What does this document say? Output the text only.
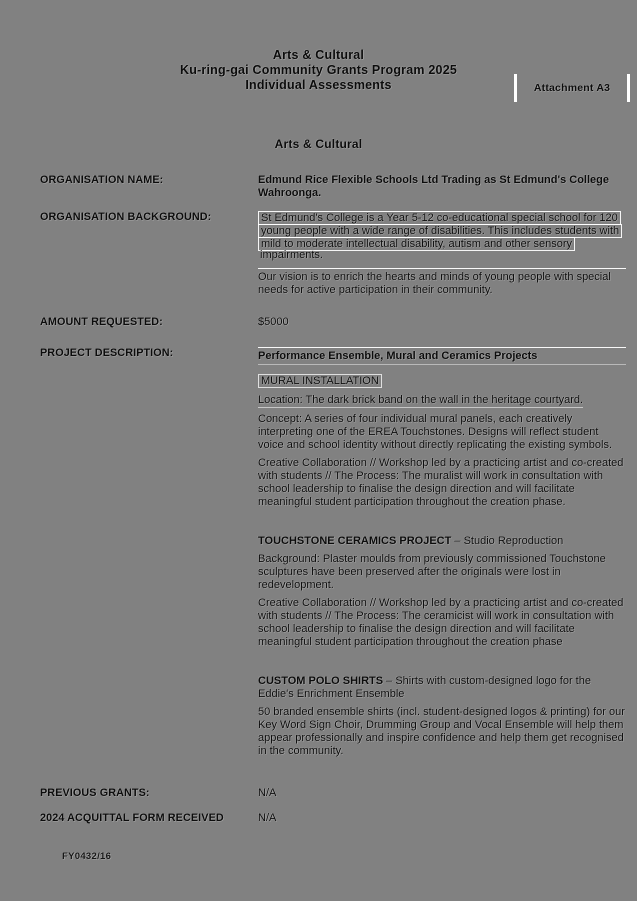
Arts & Cultural
Ku-ring-gai Community Grants Program 2025
Individual Assessments	Attachment A3
Arts & Cultural
ORGANISATION NAME:	Edmund Rice Flexible Schools Ltd Trading as St Edmund's College Wahroonga.
ORGANISATION BACKGROUND:	St Edmund's College is a Year 5-12 co-educational special school for 120
young people with a wide range of disabilities. This includes students with
mild to moderate intellectual disability, autism and other sensory
impairments.
Our vision is to enrich the hearts and minds of young people with special needs for active participation in their community.
AMOUNT REQUESTED:	$5000
PROJECT DESCRIPTION:	Performance Ensemble, Mural and Ceramics Projects
MURAL INSTALLATION
Location: The dark brick band on the wall in the heritage courtyard.
Concept: A series of four individual mural panels, each creatively interpreting one of the EREA Touchstones. Designs will reflect student voice and school identity without directly replicating the existing symbols.
Creative Collaboration // Workshop led by a practicing artist and co-created with students // The Process: The muralist will work in consultation with school leadership to finalise the design direction and will facilitate meaningful student participation throughout the creation phase.
TOUCHSTONE CERAMICS PROJECT – Studio Reproduction
Background: Plaster moulds from previously commissioned Touchstone sculptures have been preserved after the originals were lost in redevelopment.
Creative Collaboration // Workshop led by a practicing artist and co-created with students // The Process: The ceramicist will work in consultation with school leadership to finalise the design direction and will facilitate meaningful student participation throughout the creation phase
CUSTOM POLO SHIRTS – Shirts with custom-designed logo for the Eddie's Enrichment Ensemble
50 branded ensemble shirts (incl. student-designed logos & printing) for our Key Word Sign Choir, Drumming Group and Vocal Ensemble will help them appear professionally and inspire confidence and help them get recognised in the community.
PREVIOUS GRANTS:	N/A
2024 ACQUITTAL FORM RECEIVED	N/A
FY0432/16
